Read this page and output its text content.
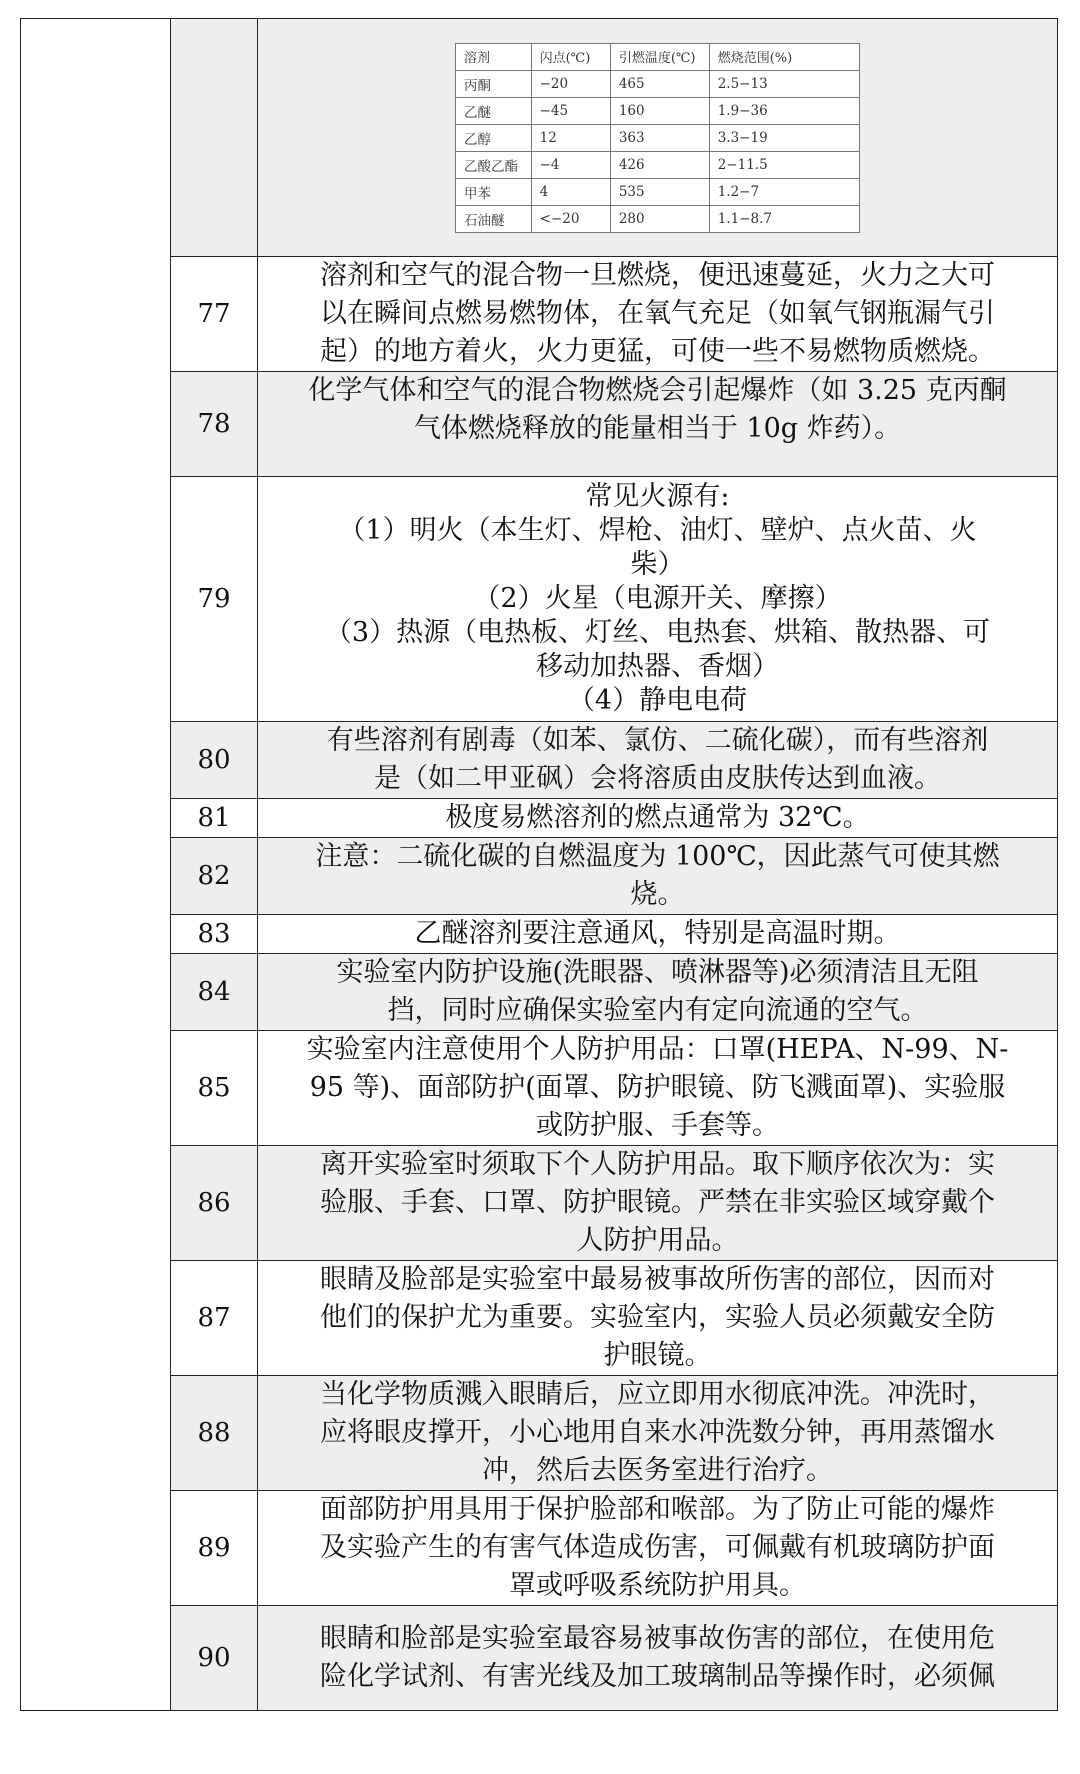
溶剂	闪点(℃)	引燃温度(℃)	燃烧范围(%)
丙酮	−20	465	2.5−13
乙醚	−45	160	1.9−36
乙醇	12	363	3.3−19
乙酸乙酯	−4	426	2−11.5
甲苯	4	535	1.2−7
石油醚	<−20	280	1.1−8.7

77	
溶剂和空气的混合物一旦燃烧，便迅速蔓延，火力之大可
以在瞬间点燃易燃物体，在氧气充足（如氧气钢瓶漏气引
起）的地方着火，火力更猛，可使一些不易燃物质燃烧。

78	
化学气体和空气的混合物燃烧会引起爆炸（如 3.25 克丙酮
气体燃烧释放的能量相当于 10g 炸药）。

79	
常见火源有:
（1）明火（本生灯、焊枪、油灯、壁炉、点火苗、火
柴）
（2）火星（电源开关、摩擦）
（3）热源（电热板、灯丝、电热套、烘箱、散热器、可
移动加热器、香烟）
（4）静电电荷

80	
有些溶剂有剧毒（如苯、氯仿、二硫化碳），而有些溶剂
是（如二甲亚砜）会将溶质由皮肤传达到血液。

81	极度易燃溶剂的燃点通常为 32℃。

82	
注意：二硫化碳的自燃温度为 100℃，因此蒸气可使其燃
烧。

83	乙醚溶剂要注意通风，特别是高温时期。

84	
实验室内防护设施(洗眼器、喷淋器等)必须清洁且无阻
挡，同时应确保实验室内有定向流通的空气。

85	
实验室内注意使用个人防护用品：口罩(HEPA、N-99、N-
95 等)、面部防护(面罩、防护眼镜、防飞溅面罩)、实验服
或防护服、手套等。

86	
离开实验室时须取下个人防护用品。取下顺序依次为：实
验服、手套、口罩、防护眼镜。严禁在非实验区域穿戴个
人防护用品。

87	
眼睛及脸部是实验室中最易被事故所伤害的部位，因而对
他们的保护尤为重要。实验室内，实验人员必须戴安全防
护眼镜。

88	
当化学物质溅入眼睛后，应立即用水彻底冲洗。冲洗时，
应将眼皮撑开，小心地用自来水冲洗数分钟，再用蒸馏水
冲，然后去医务室进行治疗。

89	
面部防护用具用于保护脸部和喉部。为了防止可能的爆炸
及实验产生的有害气体造成伤害，可佩戴有机玻璃防护面
罩或呼吸系统防护用具。

90	
眼睛和脸部是实验室最容易被事故伤害的部位，在使用危
险化学试剂、有害光线及加工玻璃制品等操作时，必须佩
